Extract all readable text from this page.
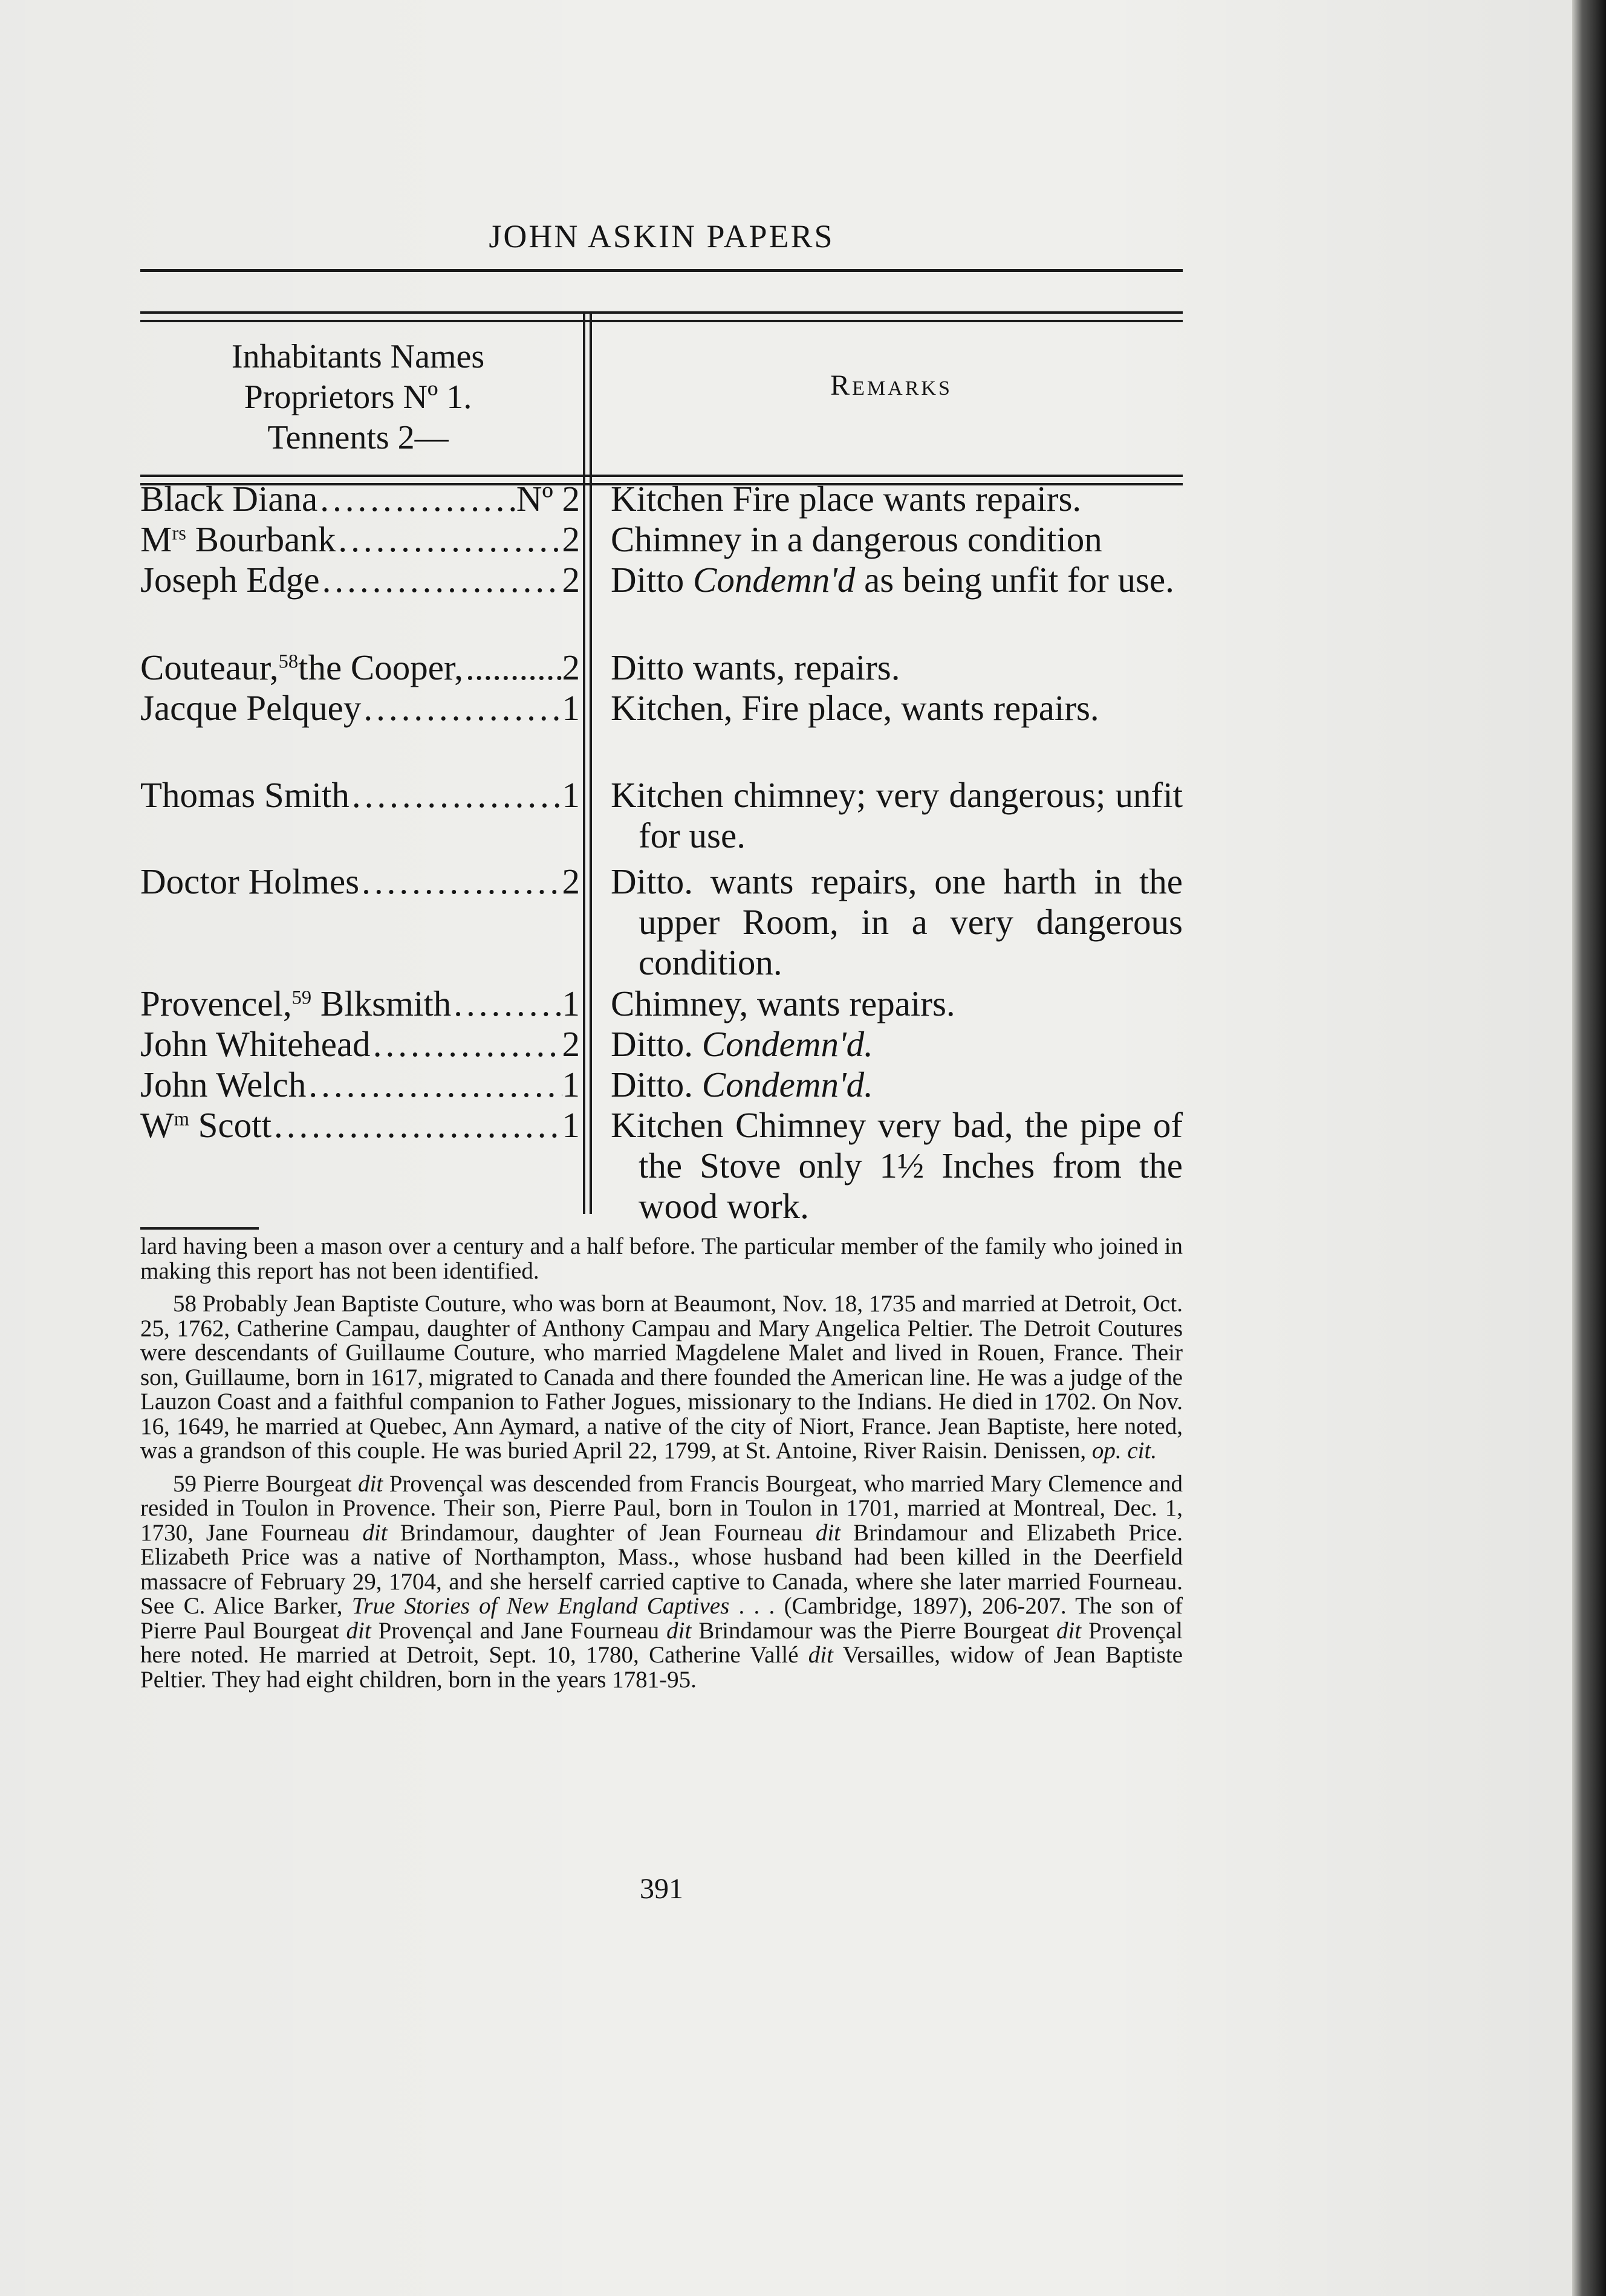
JOHN ASKIN PAPERS
Inhabitants Names
Proprietors Nº 1.
Tennents 2—
Remarks
Black Diana .....	Nº 2 Kitchen Fire place wants repairs.
$M^{rs}$ Bourbank .....	2 Chimney in a dangerous condition
Joseph Edge .....	2 Ditto Condemn'd as being unfit for use.
Couteaur,$^{58}$the Cooper, .....	2 Ditto wants, repairs.
Jacque Pelquey .....	1 Kitchen, Fire place, wants repairs.
Thomas Smith .....	1 Kitchen chimney; very dangerous; unfit for use.
Doctor Holmes .....	2 Ditto. wants repairs, one harth in the upper Room, in a very dangerous condition.
Provencel,$^{59}$ Blksmith .....	1 Chimney, wants repairs.
John Whitehead .....	2 Ditto. Condemn'd.
John Welch .....	1 Ditto. Condemn'd.
$W^m$ Scott .....	1 Kitchen Chimney very bad, the pipe of the Stove only 1½ Inches from the wood work.

lard having been a mason over a century and a half before. The particular member of the family who joined in making this report has not been identified.

58 Probably Jean Baptiste Couture, who was born at Beaumont, Nov. 18, 1735 and married at Detroit, Oct. 25, 1762, Catherine Campau, daughter of Anthony Campau and Mary Angelica Peltier. The Detroit Coutures were descendants of Guillaume Couture, who married Magdelene Malet and lived in Rouen, France. Their son, Guillaume, born in 1617, migrated to Canada and there founded the American line. He was a judge of the Lauzon Coast and a faithful companion to Father Jogues, missionary to the Indians. He died in 1702. On Nov. 16, 1649, he married at Quebec, Ann Aymard, a native of the city of Niort, France. Jean Baptiste, here noted, was a grandson of this couple. He was buried April 22, 1799, at St. Antoine, River Raisin. Denissen, op. cit.

59 Pierre Bourgeat dit Provençal was descended from Francis Bourgeat, who married Mary Clemence and resided in Toulon in Provence. Their son, Pierre Paul, born in Toulon in 1701, married at Montreal, Dec. 1, 1730, Jane Fourneau dit Brindamour, daughter of Jean Fourneau dit Brindamour and Elizabeth Price. Elizabeth Price was a native of Northampton, Mass., whose husband had been killed in the Deerfield massacre of February 29, 1704, and she herself carried captive to Canada, where she later married Fourneau. See C. Alice Barker, True Stories of New England Captives . . . (Cambridge, 1897), 206-207. The son of Pierre Paul Bourgeat dit Provençal and Jane Fourneau dit Brindamour was the Pierre Bourgeat dit Provençal here noted. He married at Detroit, Sept. 10, 1780, Catherine Vallé dit Versailles, widow of Jean Baptiste Peltier. They had eight children, born in the years 1781-95.

391
